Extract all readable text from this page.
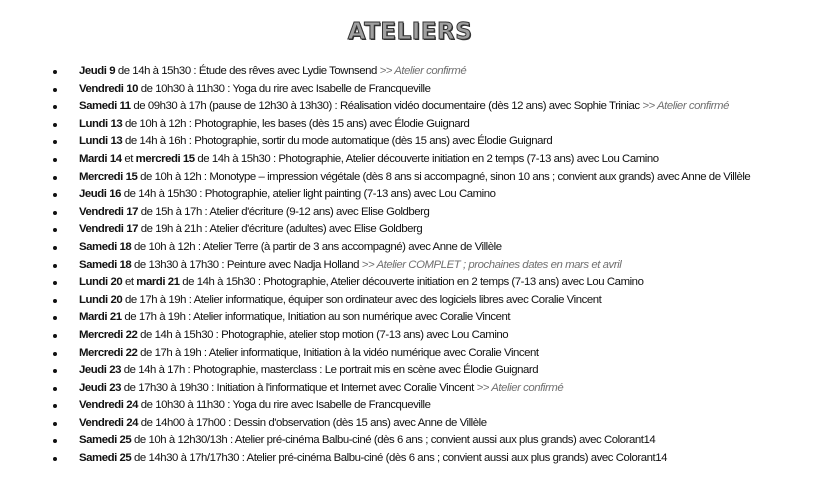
ATELIERS
Jeudi 9 de 14h à 15h30 : Étude des rêves avec Lydie Townsend >> Atelier confirmé
Vendredi 10 de 10h30 à 11h30 : Yoga du rire avec Isabelle de Francqueville
Samedi 11 de 09h30 à 17h (pause de 12h30 à 13h30) : Réalisation vidéo documentaire (dès 12 ans) avec Sophie Triniac >> Atelier confirmé
Lundi 13 de 10h à 12h : Photographie, les bases (dès 15 ans) avec Élodie Guignard
Lundi 13 de 14h à 16h : Photographie, sortir du mode automatique (dès 15 ans) avec Élodie Guignard
Mardi 14 et mercredi 15 de 14h à 15h30 : Photographie, Atelier découverte initiation en 2 temps (7-13 ans) avec Lou Camino
Mercredi 15 de 10h à 12h : Monotype – impression végétale (dès 8 ans si accompagné, sinon 10 ans ; convient aux grands) avec Anne de Villèle
Jeudi 16 de 14h à 15h30 : Photographie, atelier light painting (7-13 ans) avec Lou Camino
Vendredi 17 de 15h à 17h : Atelier d'écriture (9-12 ans) avec Elise Goldberg
Vendredi 17 de 19h à 21h : Atelier d'écriture (adultes) avec Elise Goldberg
Samedi 18 de 10h à 12h : Atelier Terre (à partir de 3 ans accompagné) avec Anne de Villèle
Samedi 18 de 13h30 à 17h30 : Peinture avec Nadja Holland >> Atelier COMPLET ; prochaines dates en mars et avril
Lundi 20 et mardi 21 de 14h à 15h30 : Photographie, Atelier découverte initiation en 2 temps (7-13 ans) avec Lou Camino
Lundi 20 de 17h à 19h : Atelier informatique, équiper son ordinateur avec des logiciels libres avec Coralie Vincent
Mardi 21 de 17h à 19h : Atelier informatique, Initiation au son numérique avec Coralie Vincent
Mercredi 22 de 14h à 15h30 : Photographie, atelier stop motion (7-13 ans) avec Lou Camino
Mercredi 22 de 17h à 19h : Atelier informatique, Initiation à la vidéo numérique avec Coralie Vincent
Jeudi 23 de 14h à 17h : Photographie, masterclass : Le portrait mis en scène avec Élodie Guignard
Jeudi 23 de 17h30 à 19h30 : Initiation à l'informatique et Internet avec Coralie Vincent >> Atelier confirmé
Vendredi 24 de 10h30 à 11h30 : Yoga du rire avec Isabelle de Francqueville
Vendredi 24 de 14h00 à 17h00 : Dessin d'observation (dès 15 ans) avec Anne de Villèle
Samedi 25 de 10h à 12h30/13h : Atelier pré-cinéma Balbu-ciné (dès 6 ans ; convient aussi aux plus grands) avec Colorant14
Samedi 25 de 14h30 à 17h/17h30 : Atelier pré-cinéma Balbu-ciné (dès 6 ans ; convient aussi aux plus grands) avec Colorant14
